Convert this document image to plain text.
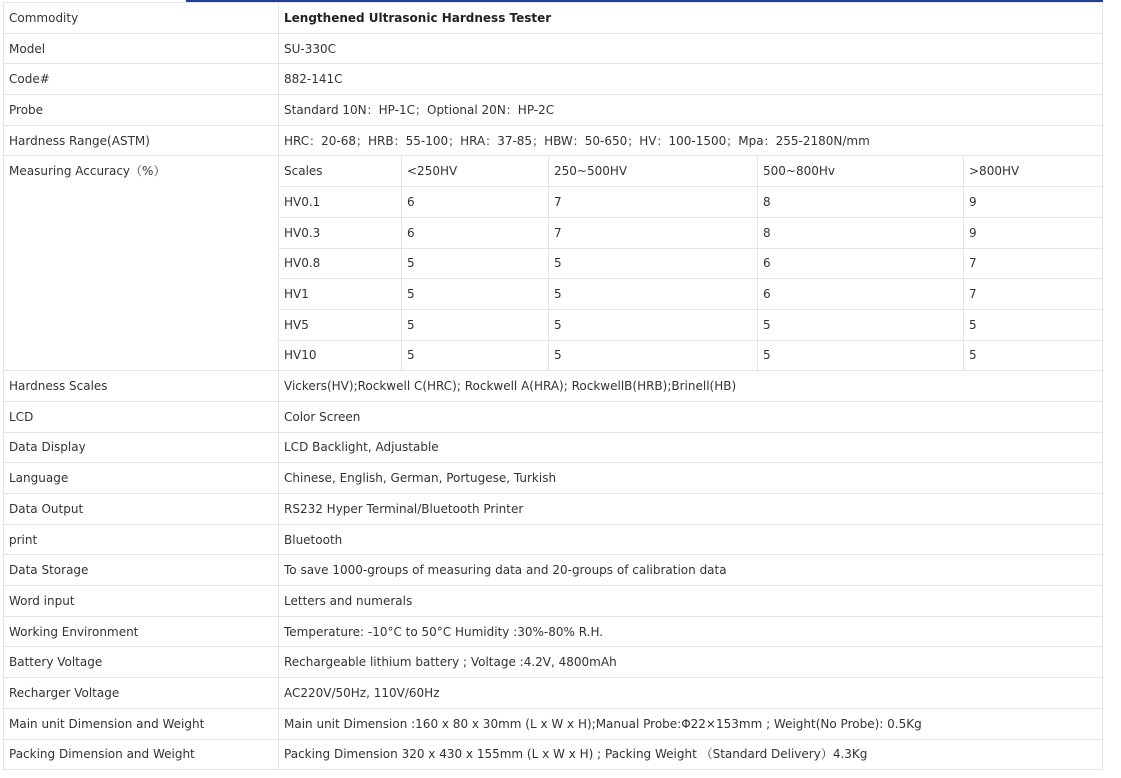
Commodity	Lengthened Ultrasonic Hardness Tester
Model	SU-330C
Code#	882-141C
Probe	Standard 10N：HP-1C；Optional 20N：HP-2C
Hardness Range(ASTM)	HRC：20-68；HRB：55-100；HRA：37-85；HBW：50-650；HV：100-1500；Mpa：255-2180N/mm
Measuring Accuracy（%）		Scales	<250HV	250~500HV	500~800Hv	>800HV
HV0.1	6	7	8	9
HV0.3	6	7	8	9
HV0.8	5	5	6	7
HV1	5	5	6	7
HV5	5	5	5	5
HV10	5	5	5	5

Hardness Scales	Vickers(HV);Rockwell C(HRC); Rockwell A(HRA); RockwellB(HRB);Brinell(HB)
LCD	Color Screen
Data Display	LCD Backlight, Adjustable
Language	Chinese, English, German, Portugese, Turkish
Data Output	RS232 Hyper Terminal/Bluetooth Printer
print	Bluetooth
Data Storage	To save 1000-groups of measuring data and 20-groups of calibration data
Word input	Letters and numerals
Working Environment	Temperature: -10°C to 50°C Humidity :30%-80% R.H.
Battery Voltage	Rechargeable lithium battery ; Voltage :4.2V, 4800mAh
Recharger Voltage	AC220V/50Hz, 110V/60Hz
Main unit Dimension and Weight	Main unit Dimension :160 x 80 x 30mm (L x W x H);Manual Probe:Φ22×153mm ; Weight(No Probe): 0.5Kg
Packing Dimension and Weight	Packing Dimension 320 x 430 x 155mm (L x W x H) ; Packing Weight （Standard Delivery）4.3Kg
